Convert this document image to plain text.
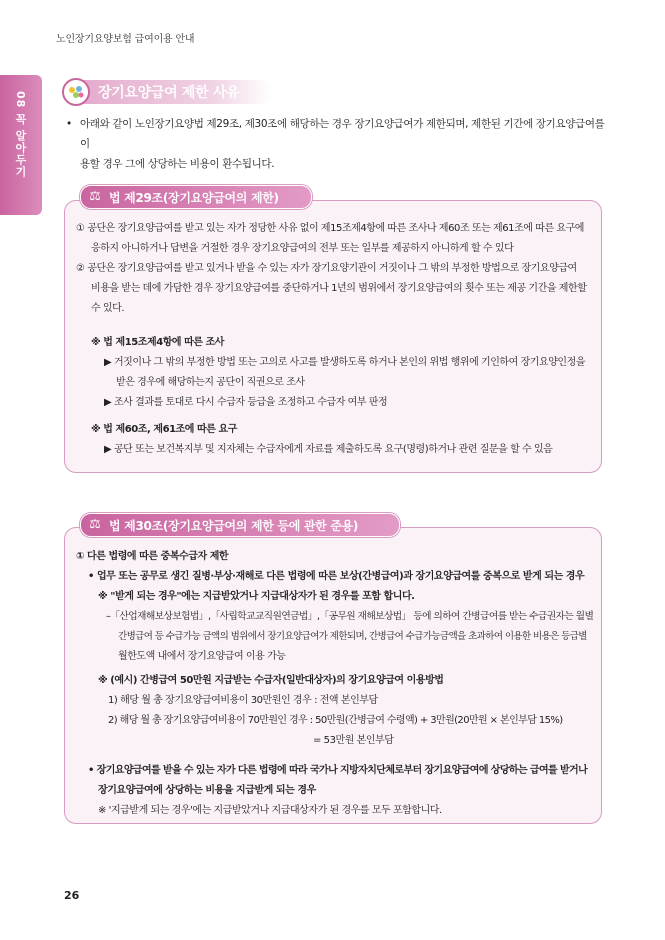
노인장기요양보험 급여이용 안내
08 꼭 알아두기	장기요양급여 제한 사유
• 아래와 같이 노인장기요양법 제29조, 제30조에 해당하는 경우 장기요양급여가 제한되며, 제한된 기간에 장기요양급여를 이
용할 경우 그에 상당하는 비용이 환수됩니다.
⚖ 법 제29조(장기요양급여의 제한)
① 공단은 장기요양급여를 받고 있는 자가 정당한 사유 없이 제15조제4항에 따른 조사나 제60조 또는 제61조에 따른 요구에
응하지 아니하거나 답변을 거절한 경우 장기요양급여의 전부 또는 일부를 제공하지 아니하게 할 수 있다
② 공단은 장기요양급여를 받고 있거나 받을 수 있는 자가 장기요양기관이 거짓이나 그 밖의 부정한 방법으로 장기요양급여
비용을 받는 데에 가담한 경우 장기요양급여를 중단하거나 1년의 범위에서 장기요양급여의 횟수 또는 제공 기간을 제한할
수 있다.
※ 법 제15조제4항에 따른 조사
▶ 거짓이나 그 밖의 부정한 방법 또는 고의로 사고를 발생하도록 하거나 본인의 위법 행위에 기인하여 장기요양인정을
받은 경우에 해당하는지 공단이 직권으로 조사
▶ 조사 결과를 토대로 다시 수급자 등급을 조정하고 수급자 여부 판정
※ 법 제60조, 제61조에 따른 요구
▶ 공단 또는 보건복지부 및 지자체는 수급자에게 자료를 제출하도록 요구(명령)하거나 관련 질문을 할 수 있음
⚖ 법 제30조(장기요양급여의 제한 등에 관한 준용)
① 다른 법령에 따른 중복수급자 제한
• 업무 또는 공무로 생긴 질병·부상·재해로 다른 법령에 따른 보상(간병급여)과 장기요양급여를 중복으로 받게 되는 경우
※ "받게 되는 경우"에는 지급받았거나 지급대상자가 된 경우를 포함 합니다.
–「산업재해보상보험법」,「사립학교교직원연금법」,「공무원 재해보상법」 등에 의하여 간병급여를 받는 수급권자는 월별
간병급여 등 수급가능 금액의 범위에서 장기요양급여가 제한되며, 간병급여 수급가능금액을 초과하여 이용한 비용은 등급별
월한도액 내에서 장기요양급여 이용 가능
※ (예시) 간병급여 50만원 지급받는 수급자(일반대상자)의 장기요양급여 이용방법
1) 해당 월 총 장기요양급여비용이 30만원인 경우 : 전액 본인부담
2) 해당 월 총 장기요양급여비용이 70만원인 경우 : 50만원(간병급여 수령액) + 3만원(20만원 × 본인부담 15%)
= 53만원 본인부담
• 장기요양급여를 받을 수 있는 자가 다른 법령에 따라 국가나 지방자치단체로부터 장기요양급여에 상당하는 급여를 받거나
장기요양급여에 상당하는 비용을 지급받게 되는 경우
※ '지급받게 되는 경우'에는 지급받았거나 지급대상자가 된 경우를 모두 포함합니다.
26
